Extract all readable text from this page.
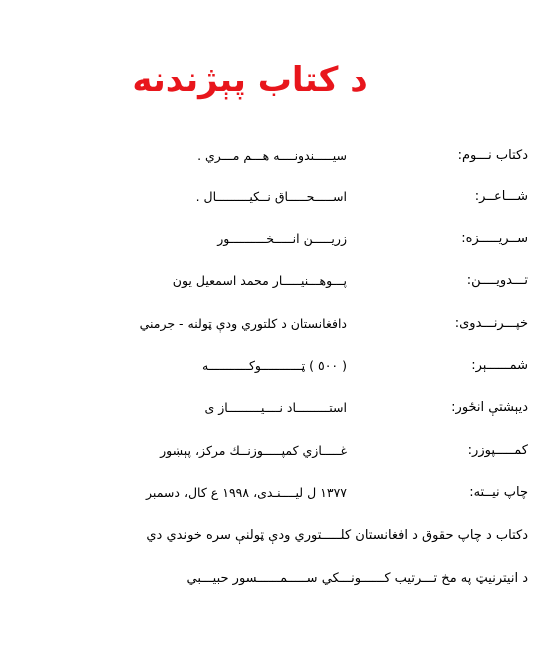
د کتاب پېژندنه
دکتاب نـــوم:
سيـــــندونــــه هـــم مـــري .
شـــاعــر:
اســـــحـــــاق نــكيـــــــــال .
ســريـــــزه:
زريـــــن انـــــخــــــــــور
تـــدويــــن:
پـــوهـــنيـــــار محمد اسمعيل يون
خپـــرنـــدوى:
دافغانستان د كلتوري ودې ټولنه - جرمني
شمــــــېر:
( ٥٠٠ ) ټـــــــــــوكـــــــــــه
ديېشتې انځور:
استـــــــــاد نــــيـــــــــاز ى
كمـــــپوزر:
غـــــازي كمپـــــوزنــك مركز، پېښور
چاپ نيــته:
١٣٧٧ ل ليــــنـدى، ١٩٩٨ ع كال، دسمبر
دكتاب د چاپ حقوق د افغانستان كلـــــتوري ودې ټولنې سره خوندي دي
د انيترنيټ په مخ تـــرتيب كــــــونـــكي ســـــمــــــسور حبيـــبي
